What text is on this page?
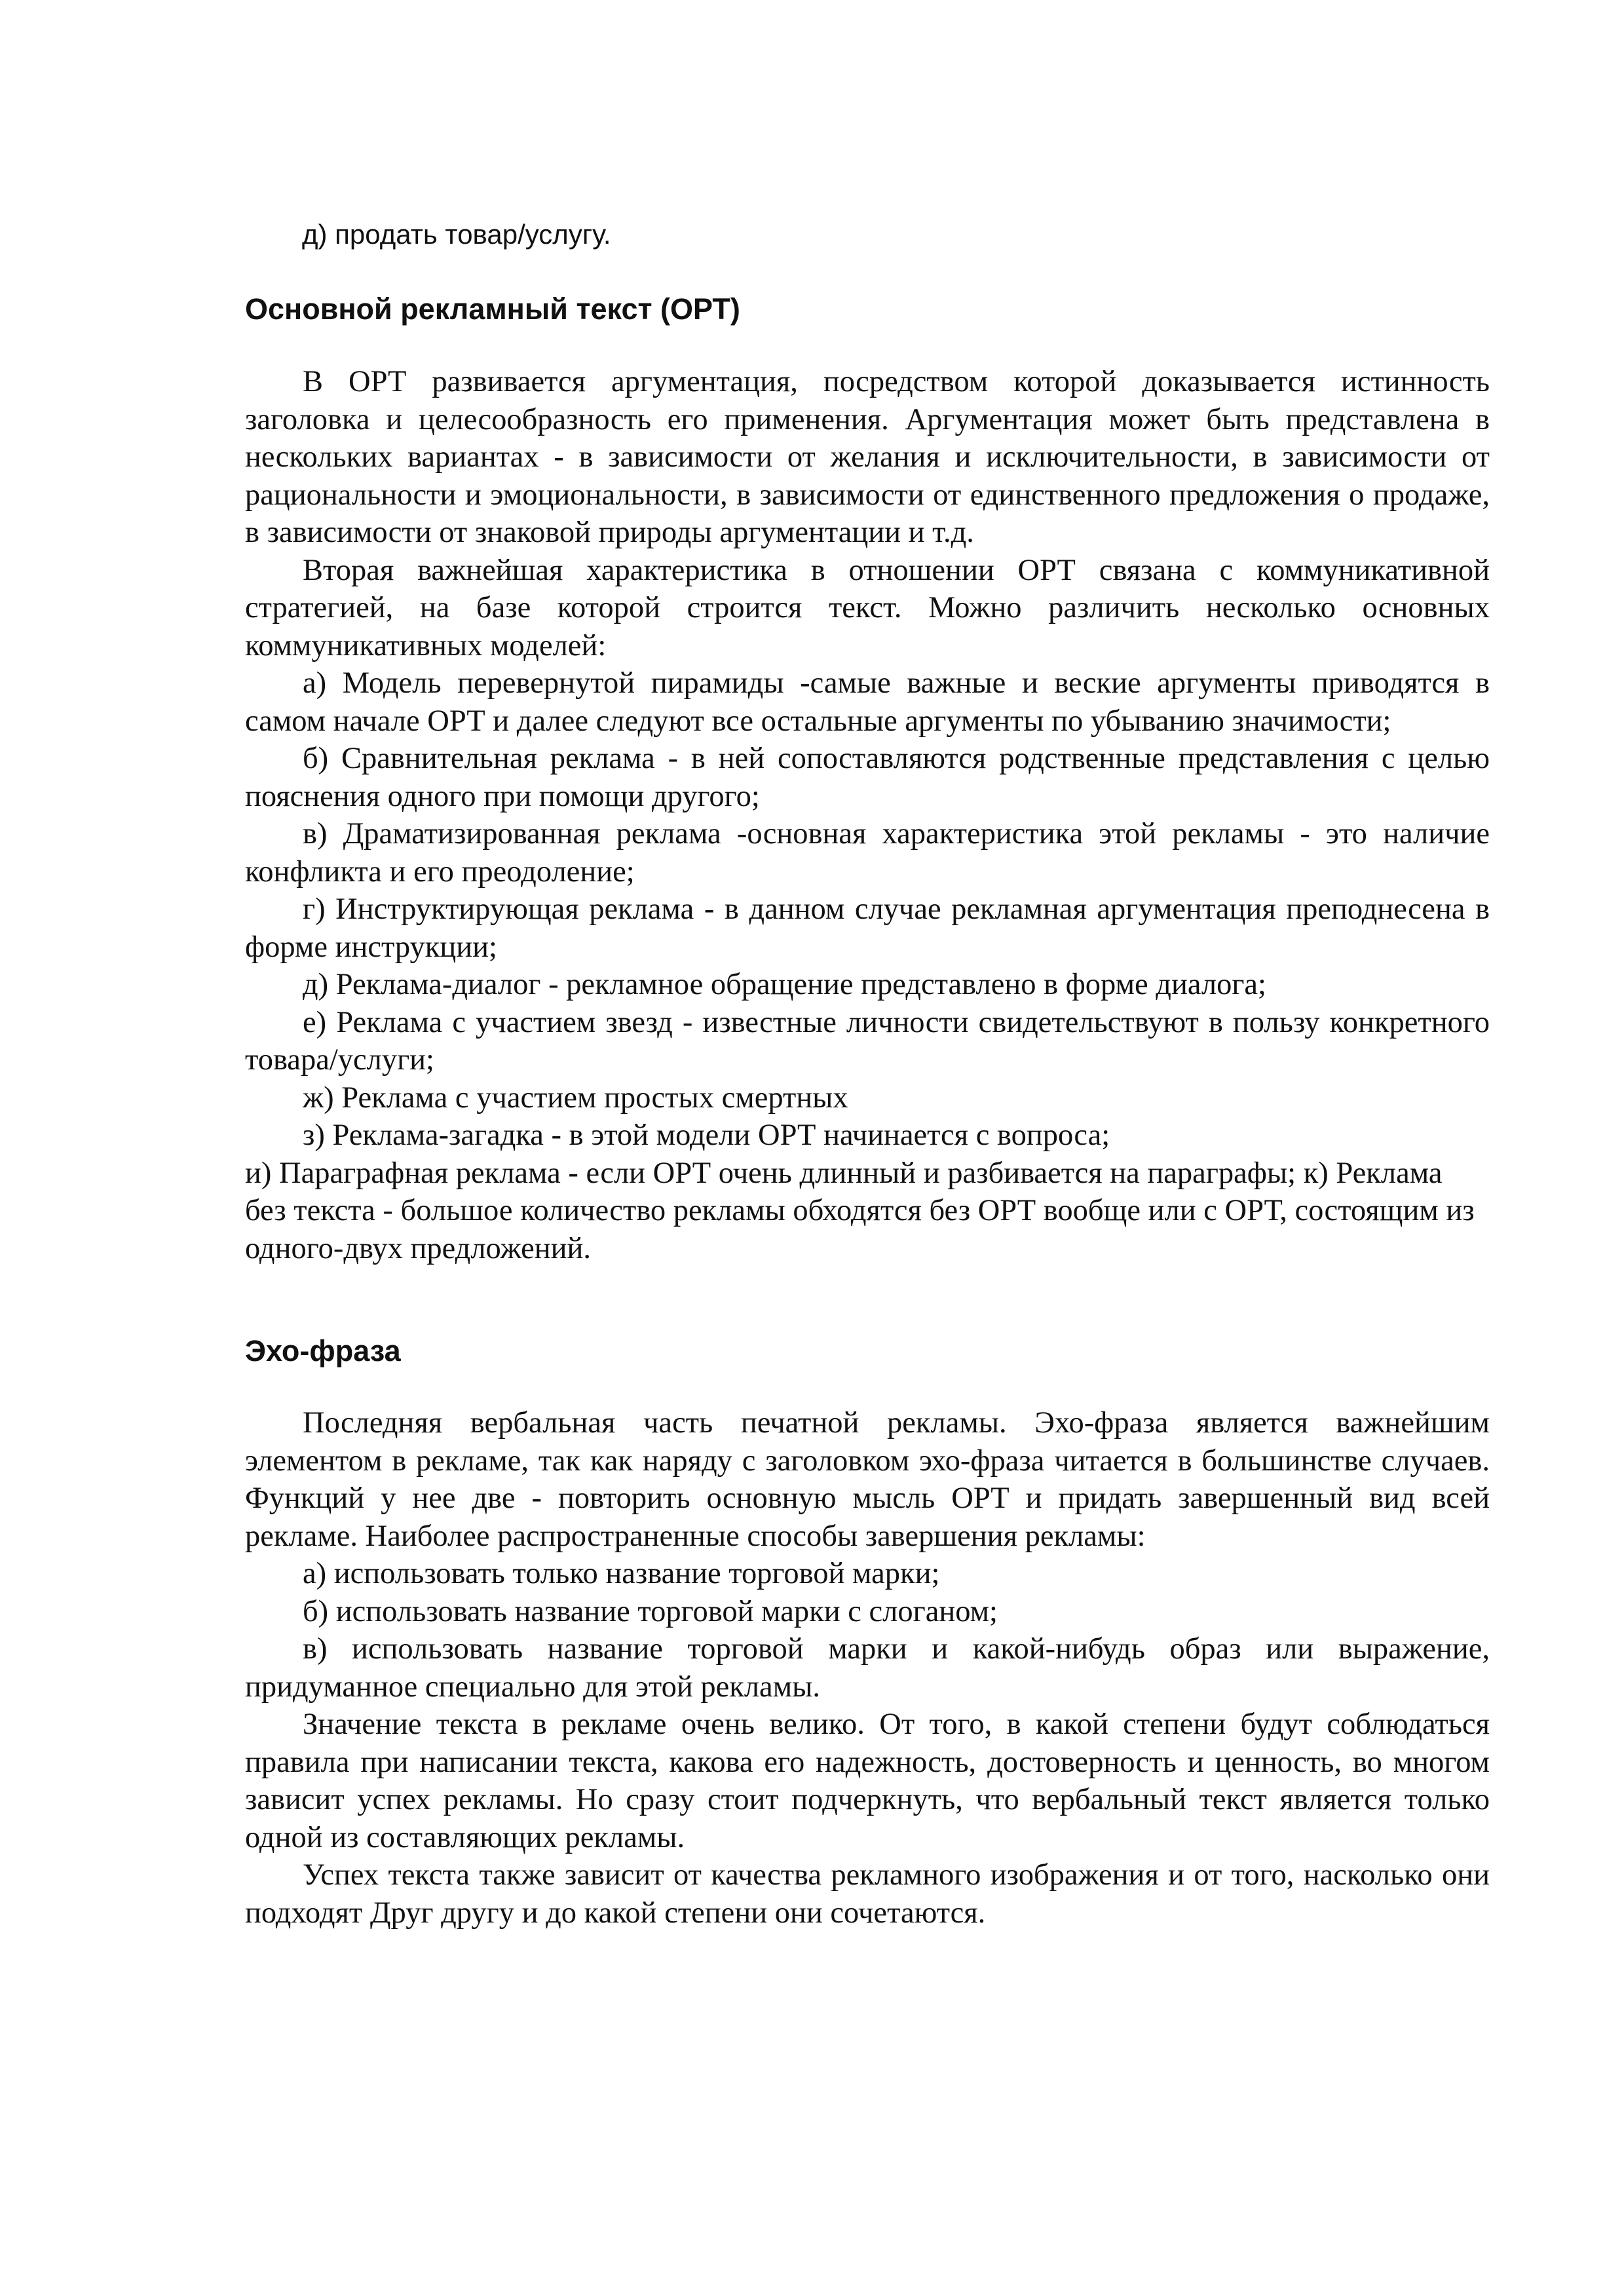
д) продать товар/услугу.
Основной рекламный текст (ОРТ)

В ОРТ развивается аргументация, посредством которой доказывается истинность заголовка и целесообразность его применения. Аргументация может быть представлена в нескольких вариантах - в зависимости от желания и исключительности, в зависимости от рациональности и эмоциональности, в зависимости от единственного предложения о продаже, в зависимости от знаковой природы аргументации и т.д.

Вторая важнейшая характеристика в отношении ОРТ связана с коммуникативной стратегией, на базе которой строится текст. Можно различить несколько основных коммуникативных моделей:

а) Модель перевернутой пирамиды -самые важные и веские аргументы приводятся в самом начале ОРТ и далее следуют все остальные аргументы по убыванию значимости;

б) Сравнительная реклама - в ней сопоставляются родственные представления с целью пояснения одного при помощи другого;

в) Драматизированная реклама -основная характеристика этой рекламы - это наличие конфликта и его преодоление;

г) Инструктирующая реклама - в данном случае рекламная аргументация преподнесена в форме инструкции;

д) Реклама-диалог - рекламное обращение представлено в форме диалога;

е) Реклама с участием звезд - известные личности свидетельствуют в пользу конкретного товара/услуги;

ж) Реклама с участием простых смертных

з) Реклама-загадка - в этой модели ОРТ начинается с вопроса;

и) Параграфная реклама - если ОРТ очень длинный и разбивается на параграфы; к) Реклама без текста - большое количество рекламы обходятся без ОРТ вообще или с ОРТ, состоящим из одного-двух предложений.

Эхо-фраза

Последняя вербальная часть печатной рекламы. Эхо-фраза является важнейшим элементом в рекламе, так как наряду с заголовком эхо-фраза читается в большинстве случаев. Функций у нее две - повторить основную мысль ОРТ и придать завершенный вид всей рекламе. Наиболее распространенные способы завершения рекламы:

а) использовать только название торговой марки;

б) использовать название торговой марки с слоганом;

в) использовать название торговой марки и какой-нибудь образ или выражение, придуманное специально для этой рекламы.

Значение текста в рекламе очень велико. От того, в какой степени будут соблюдаться правила при написании текста, какова его надежность, достоверность и ценность, во многом зависит успех рекламы. Но сразу стоит подчеркнуть, что вербальный текст является только одной из составляющих рекламы.

Успех текста также зависит от качества рекламного изображения и от того, насколько они подходят Друг другу и до какой степени они сочетаются.
